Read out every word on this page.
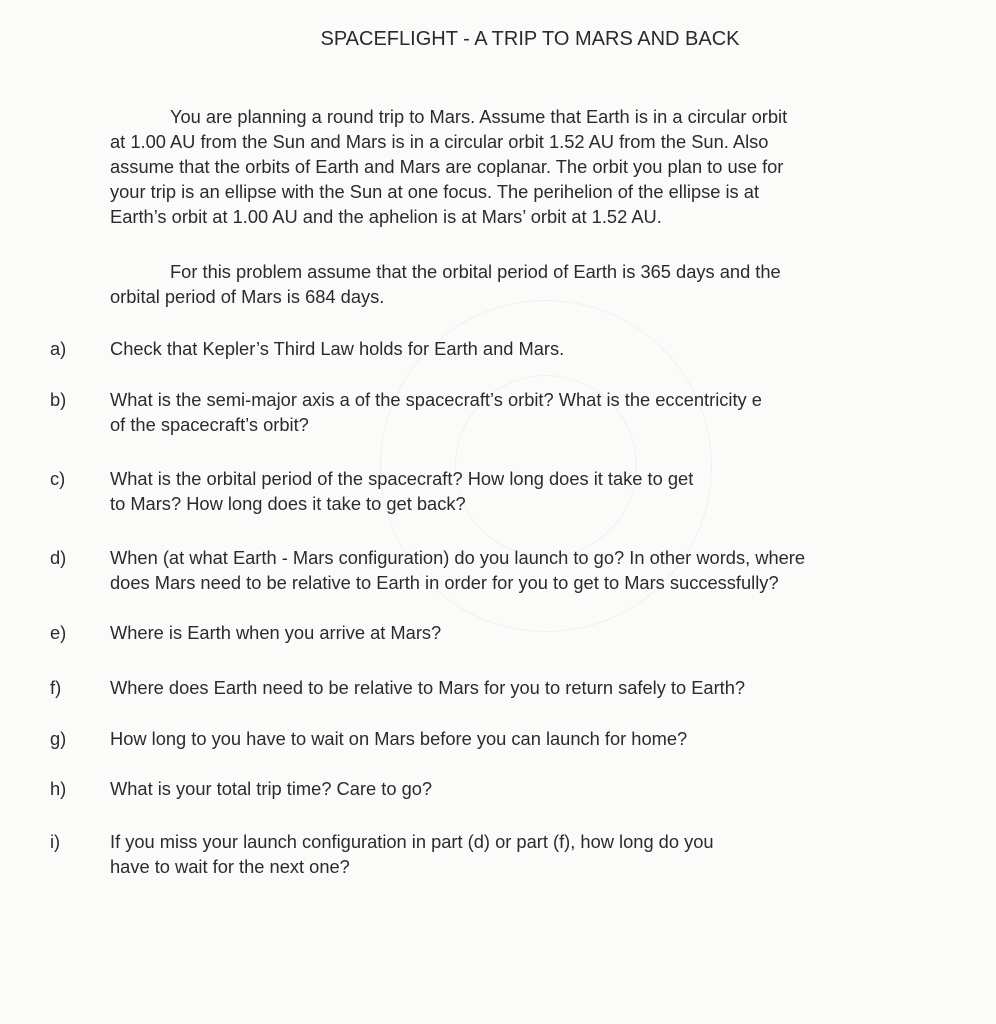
SPACEFLIGHT - A TRIP TO MARS AND BACK
You are planning a round trip to Mars. Assume that Earth is in a circular orbit
at 1.00 AU from the Sun and Mars is in a circular orbit 1.52 AU from the Sun. Also
assume that the orbits of Earth and Mars are coplanar. The orbit you plan to use for
your trip is an ellipse with the Sun at one focus. The perihelion of the ellipse is at
Earth’s orbit at 1.00 AU and the aphelion is at Mars’ orbit at 1.52 AU.
For this problem assume that the orbital period of Earth is 365 days and the
orbital period of Mars is 684 days.
a) Check that Kepler’s Third Law holds for Earth and Mars.
b) What is the semi-major axis a of the spacecraft’s orbit? What is the eccentricity e
of the spacecraft’s orbit?
c) What is the orbital period of the spacecraft? How long does it take to get
to Mars? How long does it take to get back?
d) When (at what Earth - Mars configuration) do you launch to go? In other words, where
does Mars need to be relative to Earth in order for you to get to Mars successfully?
e) Where is Earth when you arrive at Mars?
f)	Where does Earth need to be relative to Mars for you to return safely to Earth?
g) How long to you have to wait on Mars before you can launch for home?
h) What is your total trip time? Care to go?
i)	If you miss your launch configuration in part (d) or part (f), how long do you
have to wait for the next one?
